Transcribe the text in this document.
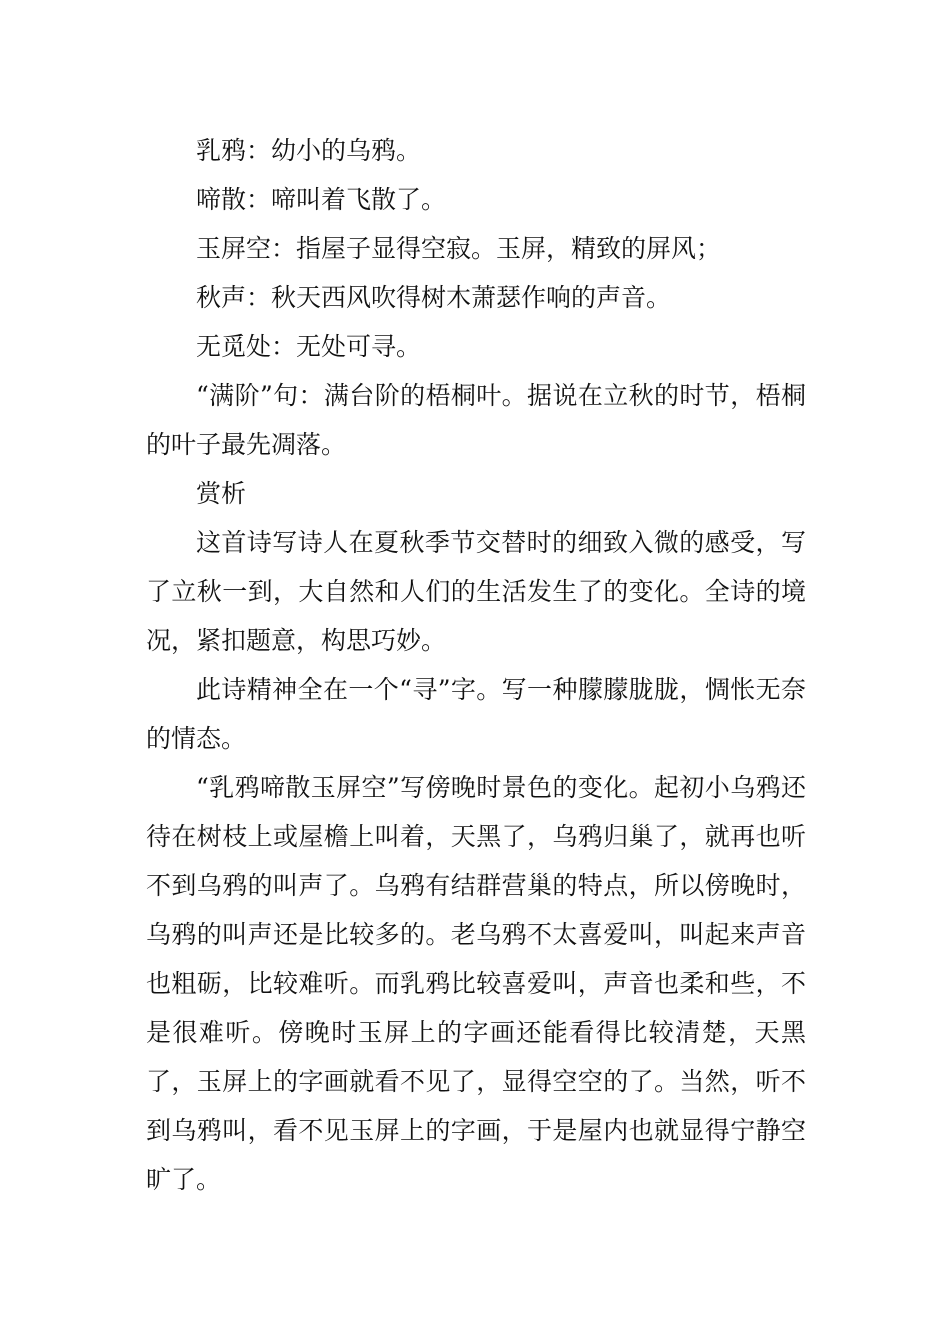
乳鸦：幼小的乌鸦。

啼散：啼叫着飞散了。

玉屏空：指屋子显得空寂。玉屏，精致的屏风；

秋声：秋天西风吹得树木萧瑟作响的声音。

无觅处：无处可寻。

“满阶”句：满台阶的梧桐叶。据说在立秋的时节，梧桐的叶子最先凋落。

赏析

这首诗写诗人在夏秋季节交替时的细致入微的感受，写了立秋一到，大自然和人们的生活发生了的变化。全诗的境况，紧扣题意，构思巧妙。

此诗精神全在一个“寻”字。写一种朦朦胧胧，惆怅无奈的情态。

“乳鸦啼散玉屏空”写傍晚时景色的变化。起初小乌鸦还待在树枝上或屋檐上叫着，天黑了，乌鸦归巢了，就再也听不到乌鸦的叫声了。乌鸦有结群营巢的特点，所以傍晚时，乌鸦的叫声还是比较多的。老乌鸦不太喜爱叫，叫起来声音也粗砺，比较难听。而乳鸦比较喜爱叫，声音也柔和些，不是很难听。傍晚时玉屏上的字画还能看得比较清楚，天黑了，玉屏上的字画就看不见了，显得空空的了。当然，听不到乌鸦叫，看不见玉屏上的字画，于是屋内也就显得宁静空旷了。
